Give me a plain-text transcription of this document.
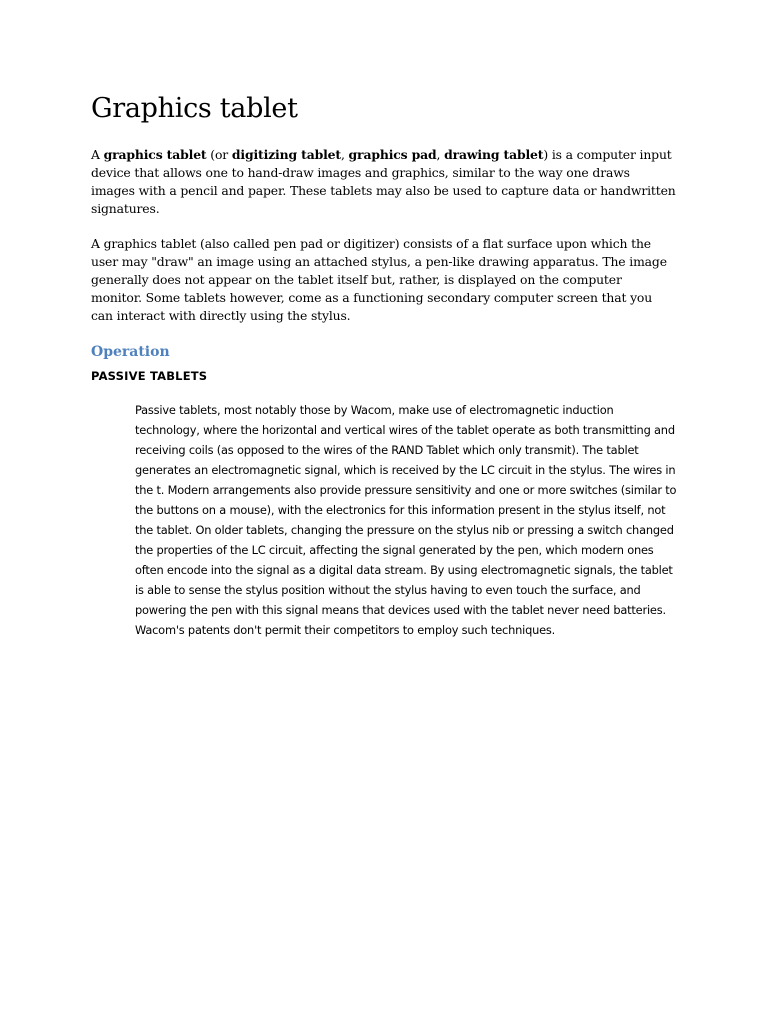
Graphics tablet

A graphics tablet (or digitizing tablet, graphics pad, drawing tablet) is a computer input device that allows one to hand-draw images and graphics, similar to the way one draws images with a pencil and paper. These tablets may also be used to capture data or handwritten signatures.

A graphics tablet (also called pen pad or digitizer) consists of a flat surface upon which the user may "draw" an image using an attached stylus, a pen-like drawing apparatus. The image generally does not appear on the tablet itself but, rather, is displayed on the computer monitor. Some tablets however, come as a functioning secondary computer screen that you can interact with directly using the stylus.

Operation
PASSIVE TABLETS

Passive tablets, most notably those by Wacom, make use of electromagnetic induction technology, where the horizontal and vertical wires of the tablet operate as both transmitting and receiving coils (as opposed to the wires of the RAND Tablet which only transmit). The tablet generates an electromagnetic signal, which is received by the LC circuit in the stylus. The wires in the t. Modern arrangements also provide pressure sensitivity and one or more switches (similar to the buttons on a mouse), with the electronics for this information present in the stylus itself, not the tablet. On older tablets, changing the pressure on the stylus nib or pressing a switch changed the properties of the LC circuit, affecting the signal generated by the pen, which modern ones often encode into the signal as a digital data stream. By using electromagnetic signals, the tablet is able to sense the stylus position without the stylus having to even touch the surface, and powering the pen with this signal means that devices used with the tablet never need batteries. Wacom's patents don't permit their competitors to employ such techniques.
